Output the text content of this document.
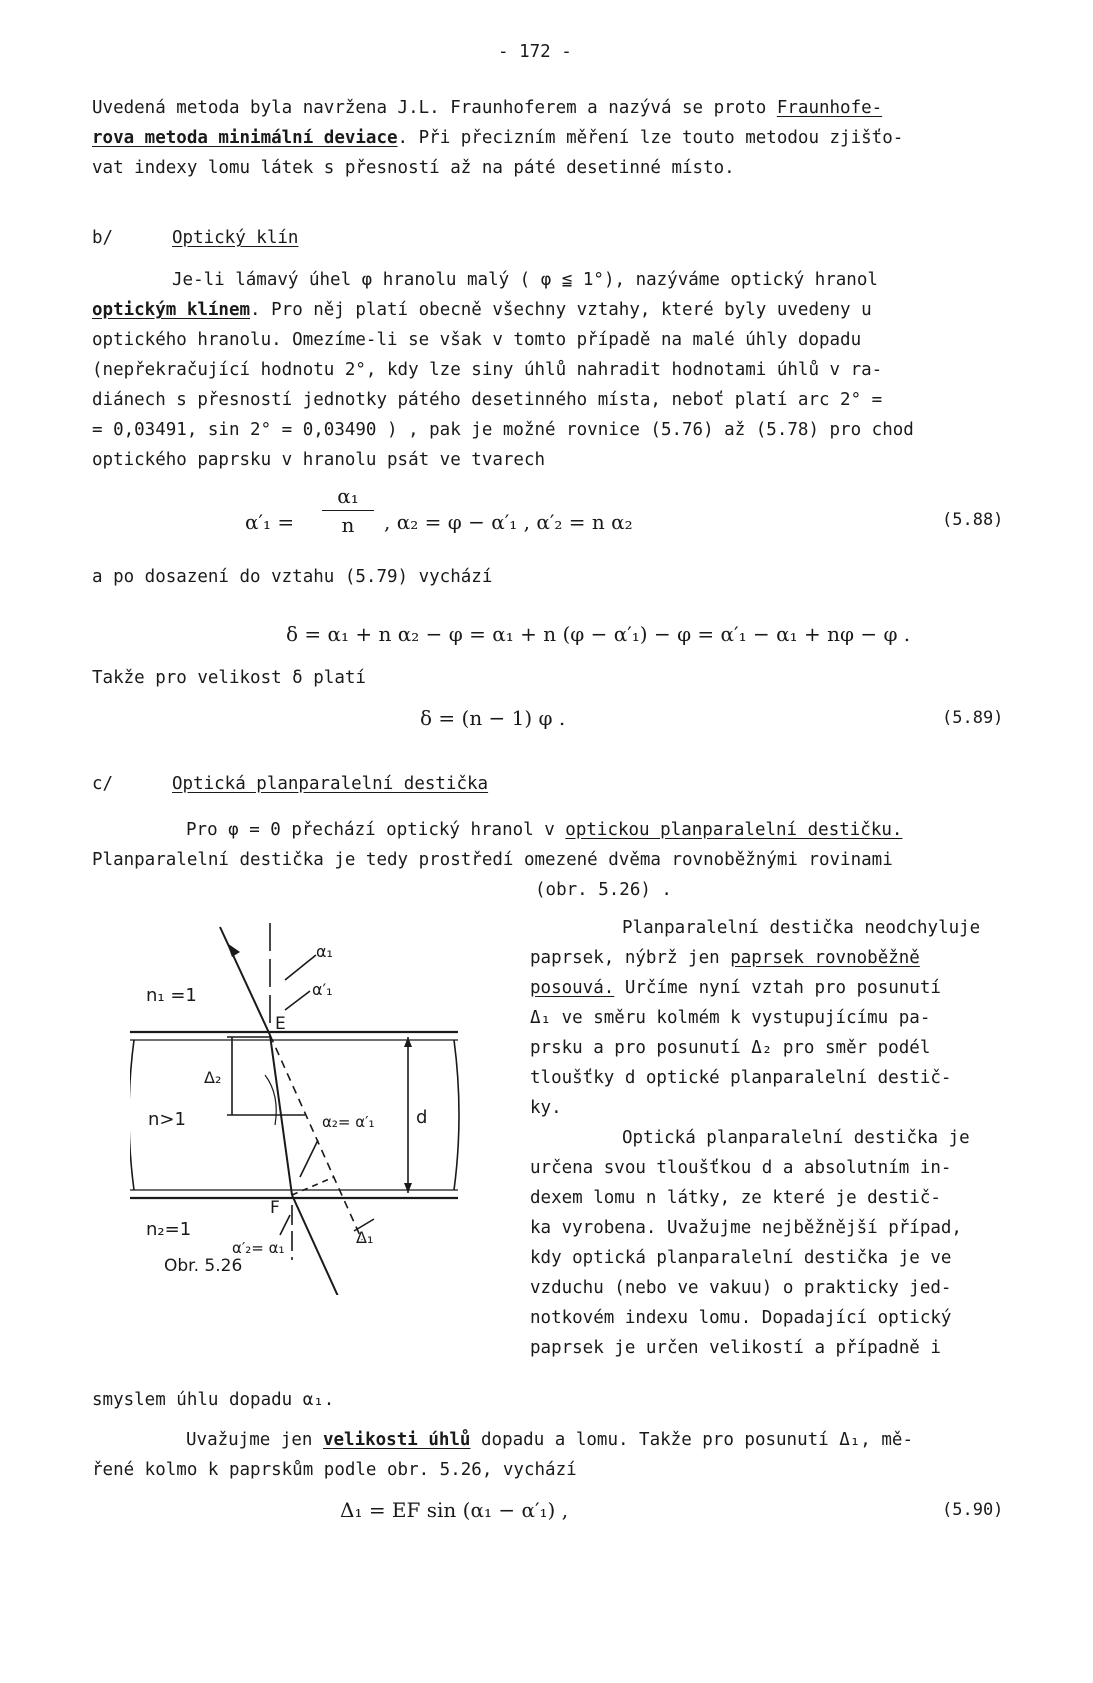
- 172 -
Uvedená metoda byla navržena J.L. Fraunhoferem a nazývá se proto Fraunhofe-
rova metoda minimální deviace. Při přecizním měření lze touto metodou zjišťo-
vat indexy lomu látek s přesností až na páté desetinné místo.
b/	Optický klín
Je-li lámavý úhel φ hranolu malý ( φ ≦ 1°), nazýváme optický hranol
optickým klínem. Pro něj platí obecně všechny vztahy, které byly uvedeny u
optického hranolu. Omezíme-li se však v tomto případě na malé úhly dopadu
(nepřekračující hodnotu 2°, kdy lze siny úhlů nahradit hodnotami úhlů v ra-
diánech s přesností jednotky pátého desetinného místa, neboť platí arc 2° =
= 0,03491, sin 2° = 0,03490 ) , pak je možné rovnice (5.76) až (5.78) pro chod
optického paprsku v hranolu psát ve tvarech
α′₁ =
α₁
n	, α₂ = φ − α′₁ , α′₂ = n α₂	(5.88)
a po dosazení do vztahu (5.79) vychází
δ = α₁ + n α₂ − φ = α₁ + n (φ − α′₁) − φ = α′₁ − α₁ + nφ − φ .
Takže pro velikost δ platí
δ = (n − 1) φ .	(5.89)
c/	Optická planparalelní destička
Pro φ = 0 přechází optický hranol v optickou planparalelní destičku.
Planparalelní destička je tedy prostředí omezené dvěma rovnoběžnými rovinami
(obr. 5.26) .
Planparalelní destička neodchyluje
paprsek, nýbrž jen paprsek rovnoběžně
posouvá. Určíme nyní vztah pro posunutí
Δ₁ ve směru kolmém k vystupujícímu pa-
prsku a pro posunutí Δ₂ pro směr podél
tloušťky d optické planparalelní destič-
ky.
Optická planparalelní destička je
určena svou tloušťkou d a absolutním in-
dexem lomu n látky, ze které je destič-
ka vyrobena. Uvažujme nejběžnější případ,
kdy optická planparalelní destička je ve
vzduchu (nebo ve vakuu) o prakticky jed-
notkovém indexu lomu. Dopadající optický
paprsek je určen velikostí a případně i
n₁ =1
n>1
n₂=1
E
F
d
α₁
α′₁
α₂= α′₁
α′₂= α₁
Δ₁
Δ₂
Obr. 5.26
smyslem úhlu dopadu α₁.
Uvažujme jen velikosti úhlů dopadu a lomu. Takže pro posunutí Δ₁, mě-
řené kolmo k paprskům podle obr. 5.26, vychází
Δ₁ = EF sin (α₁ − α′₁) ,	(5.90)
